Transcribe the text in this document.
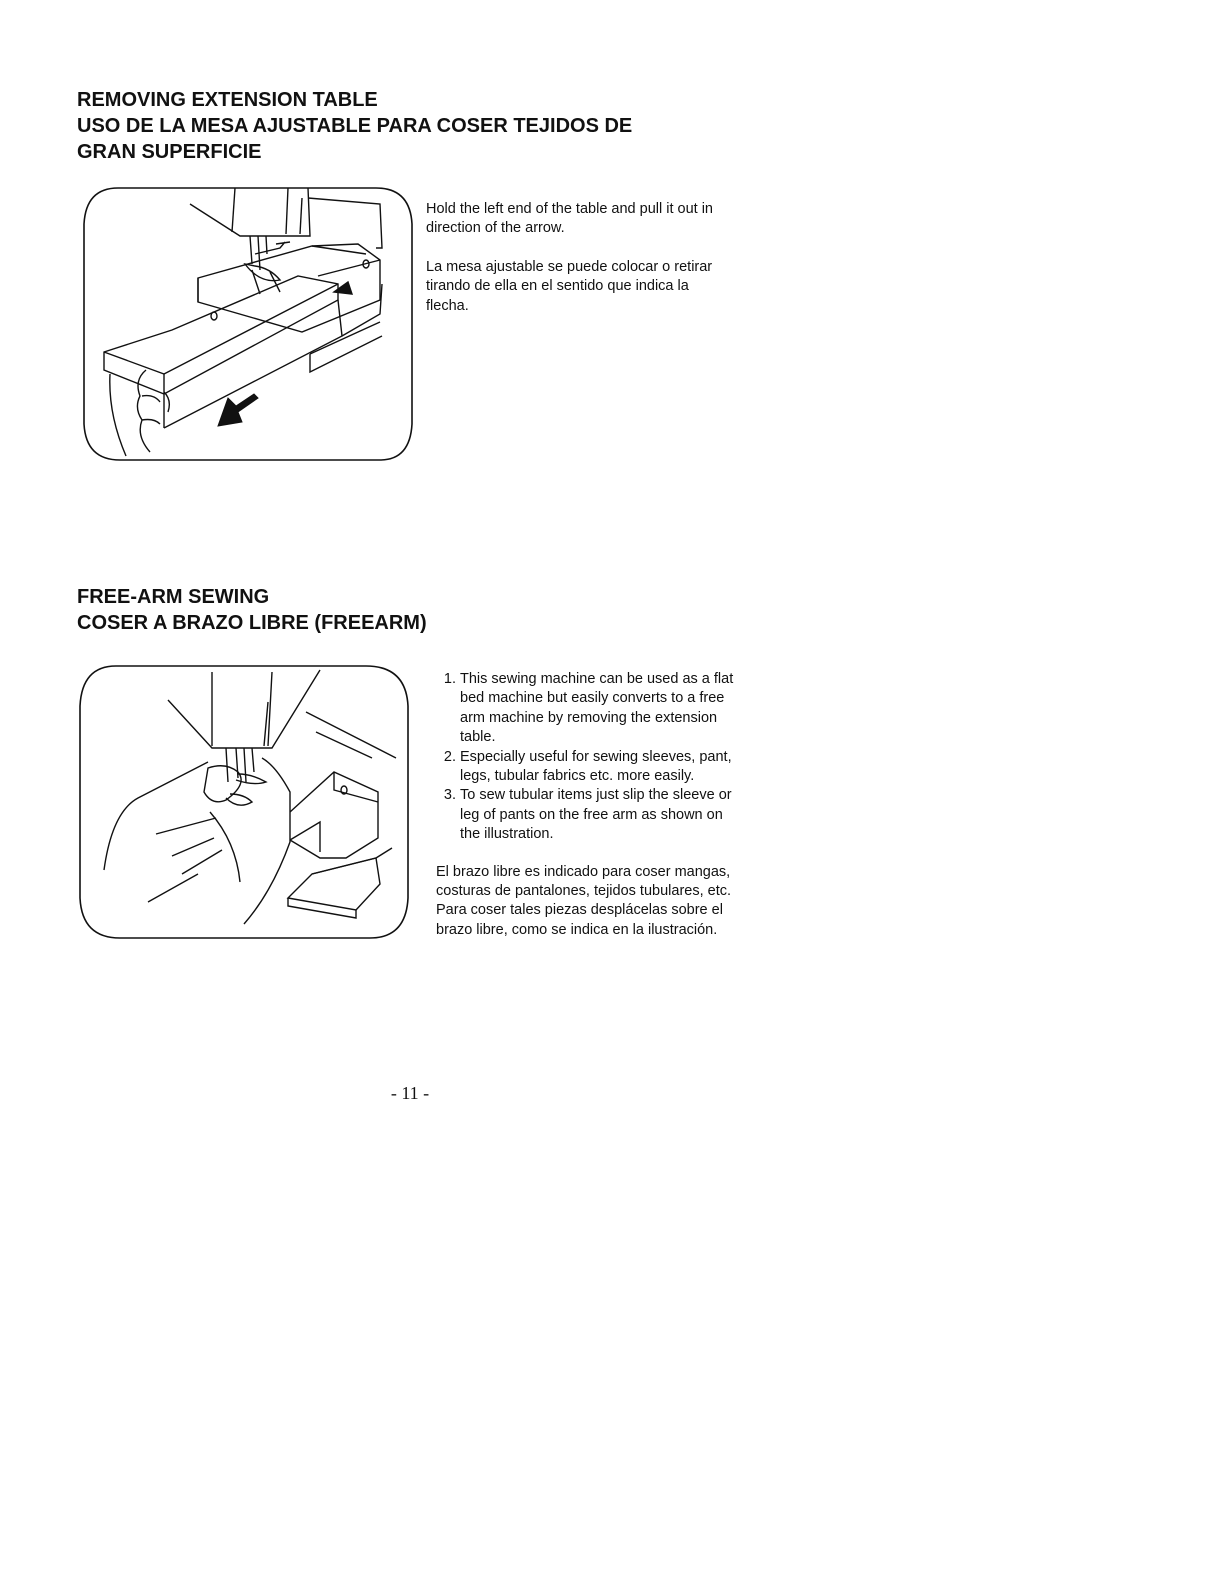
REMOVING EXTENSION TABLE
USO DE LA MESA AJUSTABLE PARA COSER TEJIDOS DE
GRAN SUPERFICIE

Hold the left end of the table and pull it out in direction of the arrow.

La mesa ajustable se puede colocar o retirar tirando de ella en el sentido que indica la flecha.

FREE-ARM SEWING
COSER A BRAZO LIBRE (FREEARM)
1. This sewing machine can be used as a flat bed machine but easily converts to a free arm machine by removing the extension table.
2. Especially useful for sewing sleeves, pant, legs, tubular fabrics etc. more easily.
3. To sew tubular items just slip the sleeve or leg of pants on the free arm as shown on the illustration.

El brazo libre es indicado para coser mangas, costuras de pantalones, tejidos tubulares, etc.
Para coser tales piezas desplácelas sobre el brazo libre, como se indica en la ilustración.

- 11 -
